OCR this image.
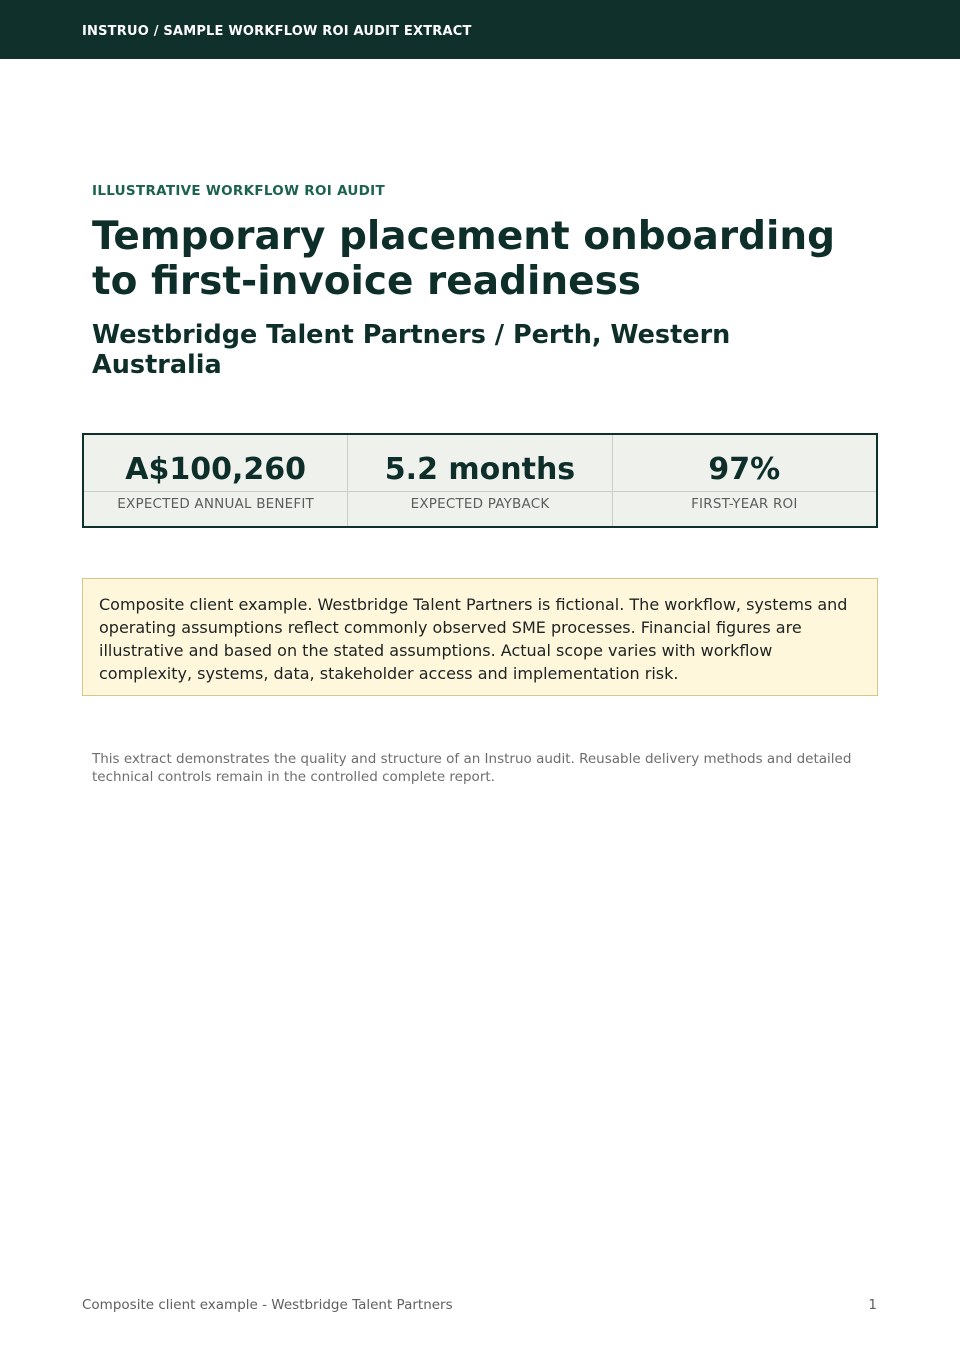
INSTRUO / SAMPLE WORKFLOW ROI AUDIT EXTRACT
ILLUSTRATIVE WORKFLOW ROI AUDIT
Temporary placement onboarding to first-invoice readiness
Westbridge Talent Partners / Perth, Western Australia
A$100,260
EXPECTED ANNUAL BENEFIT
5.2 months
EXPECTED PAYBACK
97%
FIRST-YEAR ROI

Composite client example. Westbridge Talent Partners is fictional. The workflow, systems and operating assumptions reflect commonly observed SME processes. Financial figures are illustrative and based on the stated assumptions. Actual scope varies with workflow complexity, systems, data, stakeholder access and implementation risk.

This extract demonstrates the quality and structure of an Instruo audit. Reusable delivery methods and detailed technical controls remain in the controlled complete report.

Composite client example - Westbridge Talent Partners	1
